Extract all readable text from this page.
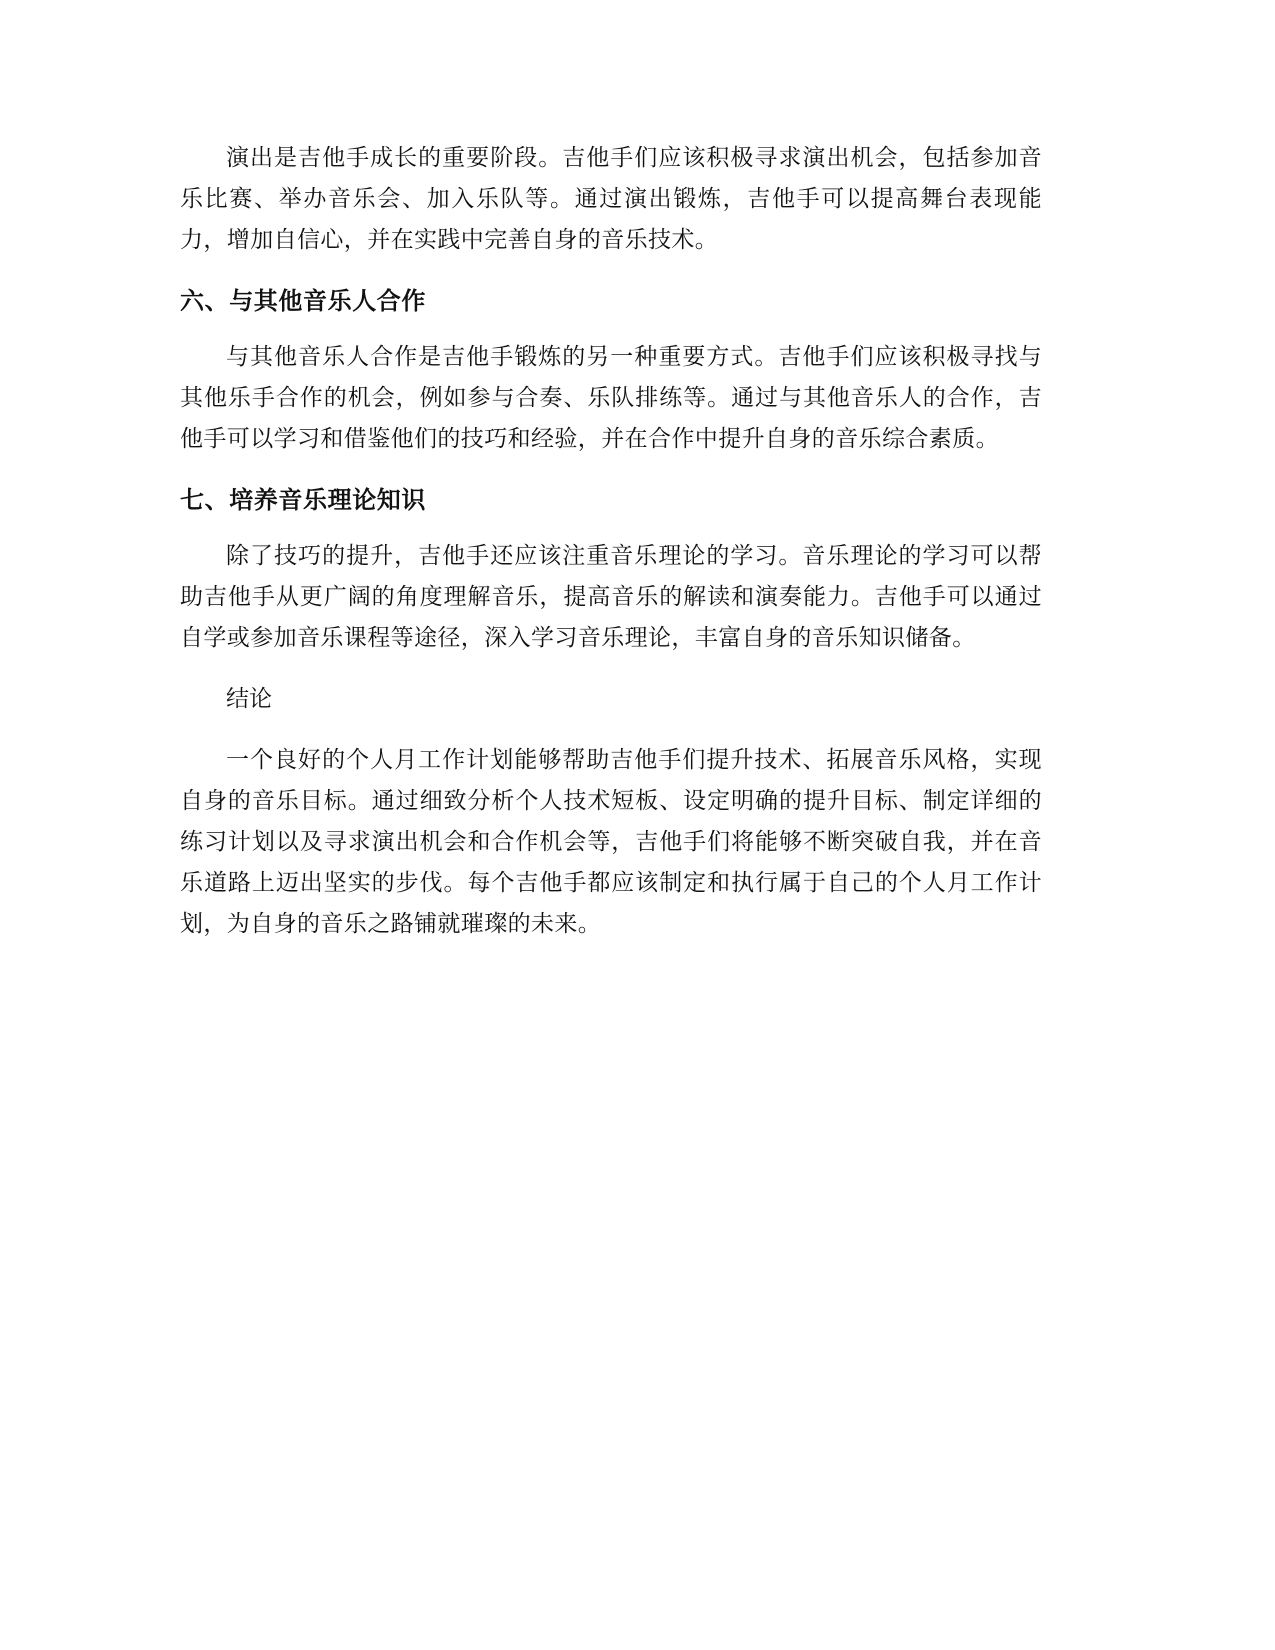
演出是吉他手成长的重要阶段。吉他手们应该积极寻求演出机会，包括参加音乐比赛、举办音乐会、加入乐队等。通过演出锻炼，吉他手可以提高舞台表现能力，增加自信心，并在实践中完善自身的音乐技术。

六、与其他音乐人合作

与其他音乐人合作是吉他手锻炼的另一种重要方式。吉他手们应该积极寻找与其他乐手合作的机会，例如参与合奏、乐队排练等。通过与其他音乐人的合作，吉他手可以学习和借鉴他们的技巧和经验，并在合作中提升自身的音乐综合素质。

七、培养音乐理论知识

除了技巧的提升，吉他手还应该注重音乐理论的学习。音乐理论的学习可以帮助吉他手从更广阔的角度理解音乐，提高音乐的解读和演奏能力。吉他手可以通过自学或参加音乐课程等途径，深入学习音乐理论，丰富自身的音乐知识储备。

结论

一个良好的个人月工作计划能够帮助吉他手们提升技术、拓展音乐风格，实现自身的音乐目标。通过细致分析个人技术短板、设定明确的提升目标、制定详细的练习计划以及寻求演出机会和合作机会等，吉他手们将能够不断突破自我，并在音乐道路上迈出坚实的步伐。每个吉他手都应该制定和执行属于自己的个人月工作计划，为自身的音乐之路铺就璀璨的未来。
